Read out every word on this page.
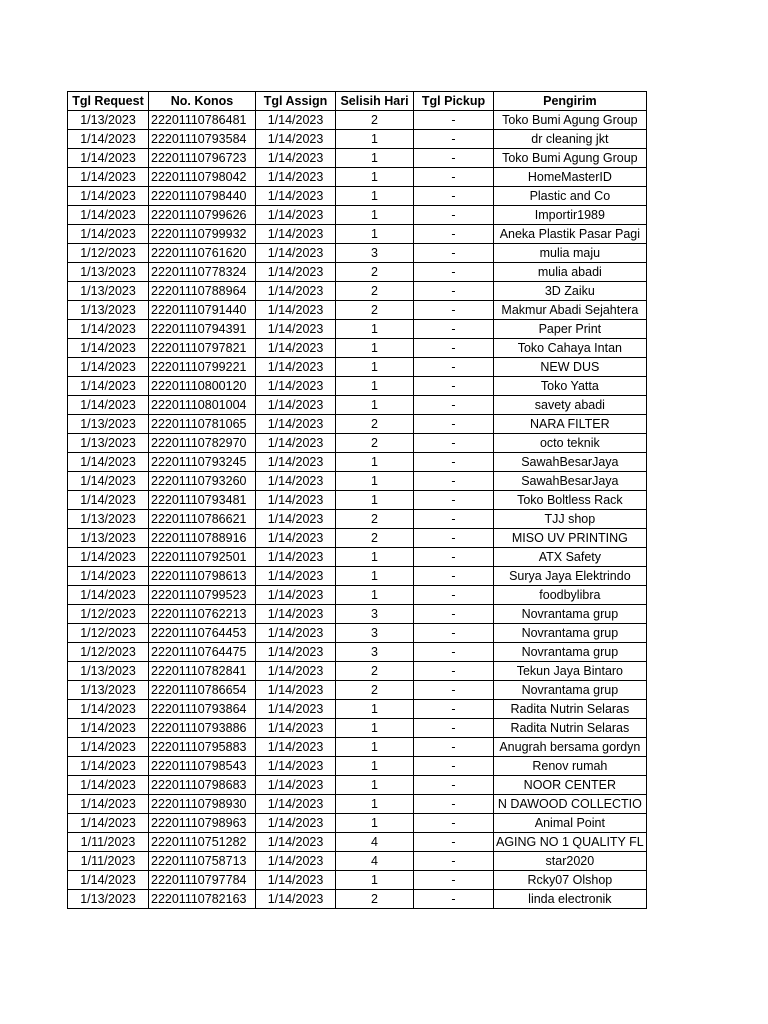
Tgl Request	No. Konos	Tgl Assign	Selisih Hari	Tgl Pickup	Pengirim
1/13/2023	22201110786481	1/14/2023	2	-	Toko Bumi Agung Group

1/14/2023	22201110793584	1/14/2023	1	-	dr cleaning jkt

1/14/2023	22201110796723	1/14/2023	1	-	Toko Bumi Agung Group

1/14/2023	22201110798042	1/14/2023	1	-	HomeMasterID

1/14/2023	22201110798440	1/14/2023	1	-	Plastic and Co

1/14/2023	22201110799626	1/14/2023	1	-	Importir1989

1/14/2023	22201110799932	1/14/2023	1	-	Aneka Plastik Pasar Pagi

1/12/2023	22201110761620	1/14/2023	3	-	mulia maju

1/13/2023	22201110778324	1/14/2023	2	-	mulia abadi

1/13/2023	22201110788964	1/14/2023	2	-	3D Zaiku

1/13/2023	22201110791440	1/14/2023	2	-	Makmur Abadi Sejahtera

1/14/2023	22201110794391	1/14/2023	1	-	Paper Print

1/14/2023	22201110797821	1/14/2023	1	-	Toko Cahaya Intan

1/14/2023	22201110799221	1/14/2023	1	-	NEW DUS

1/14/2023	22201110800120	1/14/2023	1	-	Toko Yatta

1/14/2023	22201110801004	1/14/2023	1	-	savety abadi

1/13/2023	22201110781065	1/14/2023	2	-	NARA FILTER

1/13/2023	22201110782970	1/14/2023	2	-	octo teknik

1/14/2023	22201110793245	1/14/2023	1	-	SawahBesarJaya

1/14/2023	22201110793260	1/14/2023	1	-	SawahBesarJaya

1/14/2023	22201110793481	1/14/2023	1	-	Toko Boltless Rack

1/13/2023	22201110786621	1/14/2023	2	-	TJJ shop

1/13/2023	22201110788916	1/14/2023	2	-	MISO UV PRINTING

1/14/2023	22201110792501	1/14/2023	1	-	ATX Safety

1/14/2023	22201110798613	1/14/2023	1	-	Surya Jaya Elektrindo

1/14/2023	22201110799523	1/14/2023	1	-	foodbylibra

1/12/2023	22201110762213	1/14/2023	3	-	Novrantama grup

1/12/2023	22201110764453	1/14/2023	3	-	Novrantama grup

1/12/2023	22201110764475	1/14/2023	3	-	Novrantama grup

1/13/2023	22201110782841	1/14/2023	2	-	Tekun Jaya Bintaro

1/13/2023	22201110786654	1/14/2023	2	-	Novrantama grup

1/14/2023	22201110793864	1/14/2023	1	-	Radita Nutrin Selaras

1/14/2023	22201110793886	1/14/2023	1	-	Radita Nutrin Selaras

1/14/2023	22201110795883	1/14/2023	1	-	Anugrah bersama gordyn

1/14/2023	22201110798543	1/14/2023	1	-	Renov rumah

1/14/2023	22201110798683	1/14/2023	1	-	NOOR CENTER

1/14/2023	22201110798930	1/14/2023	1	-	N DAWOOD COLLECTIO

1/14/2023	22201110798963	1/14/2023	1	-	Animal Point

1/11/2023	22201110751282	1/14/2023	4	-	AGING NO 1 QUALITY FL

1/11/2023	22201110758713	1/14/2023	4	-	star2020

1/14/2023	22201110797784	1/14/2023	1	-	Rcky07 Olshop

1/13/2023	22201110782163	1/14/2023	2	-	linda electronik
